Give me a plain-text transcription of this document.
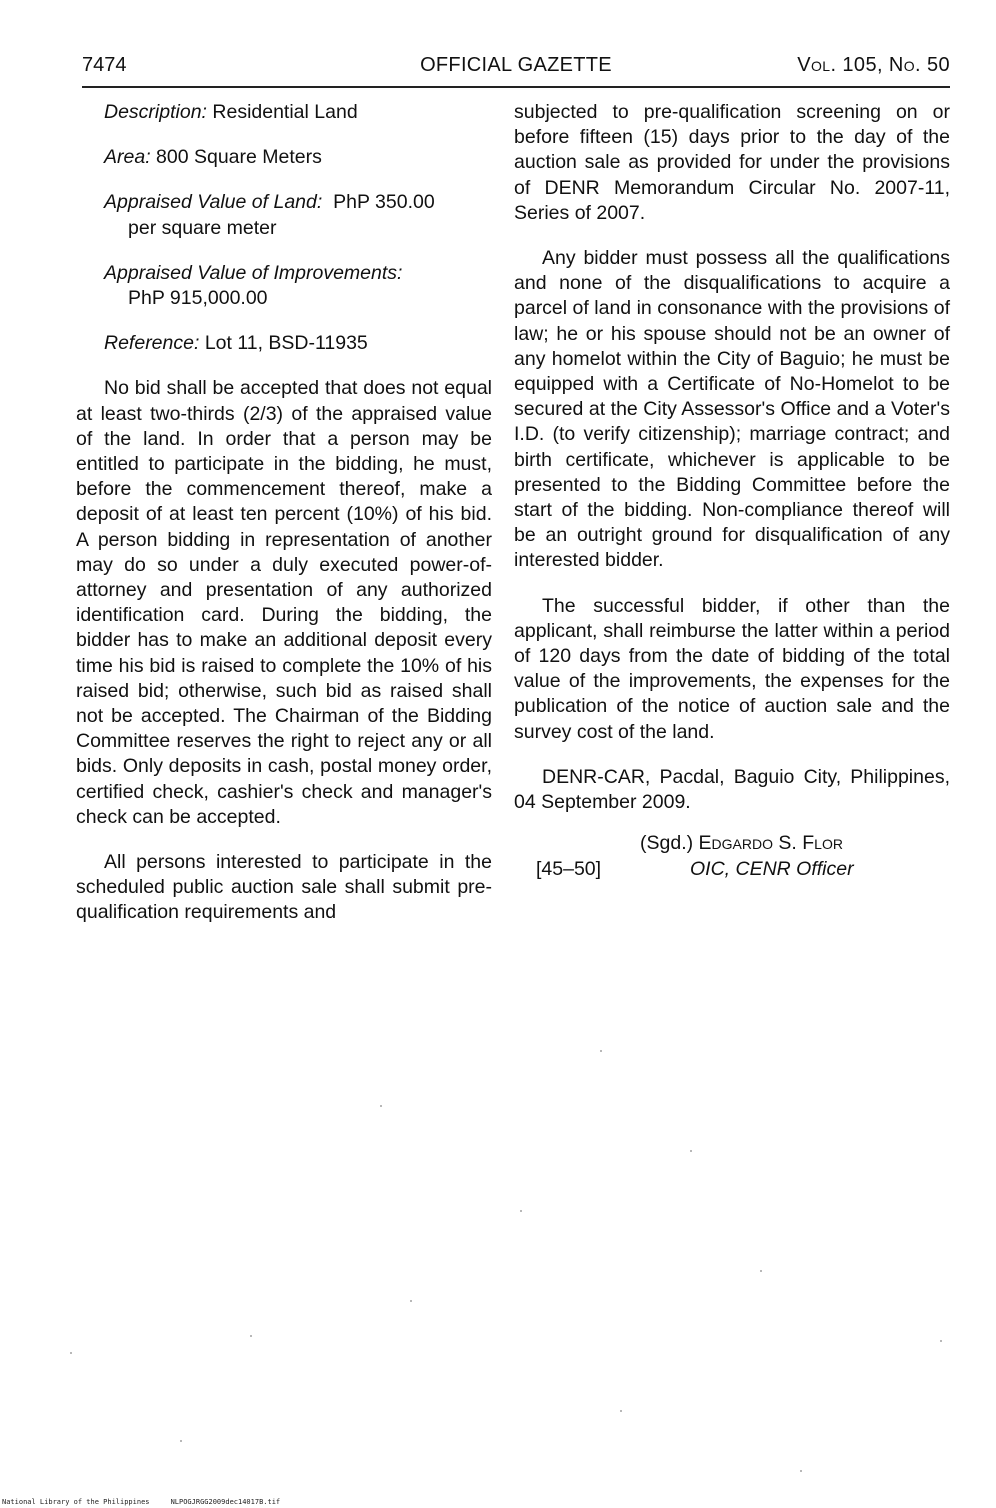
7474	OFFICIAL GAZETTE	Vol. 105, No. 50
Description: Residential Land
Area: 800 Square Meters
Appraised Value of Land: PhP 350.00
per square meter
Appraised Value of Improvements:
PhP 915,000.00
Reference: Lot 11, BSD-11935

No bid shall be accepted that does not equal at least two-thirds (2/3) of the appraised value of the land. In order that a person may be entitled to participate in the bidding, he must, before the commencement thereof, make a deposit of at least ten percent (10%) of his bid. A person bidding in representation of another may do so under a duly executed power-of-attorney and presentation of any authorized identification card. During the bidding, the bidder has to make an additional deposit every time his bid is raised to complete the 10% of his raised bid; otherwise, such bid as raised shall not be accepted. The Chairman of the Bidding Committee reserves the right to reject any or all bids. Only deposits in cash, postal money order, certified check, cashier's check and manager's check can be accepted.

All persons interested to participate in the scheduled public auction sale shall submit pre-qualification requirements and

subjected to pre-qualification screening on or before fifteen (15) days prior to the day of the auction sale as provided for under the provisions of DENR Memorandum Circular No. 2007-11, Series of 2007.

Any bidder must possess all the qualifications and none of the disqualifications to acquire a parcel of land in consonance with the provisions of law; he or his spouse should not be an owner of any homelot within the City of Baguio; he must be equipped with a Certificate of No-Homelot to be secured at the City Assessor's Office and a Voter's I.D. (to verify citizenship); marriage contract; and birth certificate, whichever is applicable to be presented to the Bidding Committee before the start of the bidding. Non-compliance thereof will be an outright ground for disqualification of any interested bidder.

The successful bidder, if other than the applicant, shall reimburse the latter within a period of 120 days from the date of bidding of the total value of the improvements, the expenses for the publication of the notice of auction sale and the survey cost of the land.

DENR-CAR, Pacdal, Baguio City, Philippines, 04 September 2009.

(Sgd.) Edgardo S. Flor
[45–50]	OIC, CENR Officer
National Library of the Philippines     NLPOGJRGG2009dec14017B.tif
